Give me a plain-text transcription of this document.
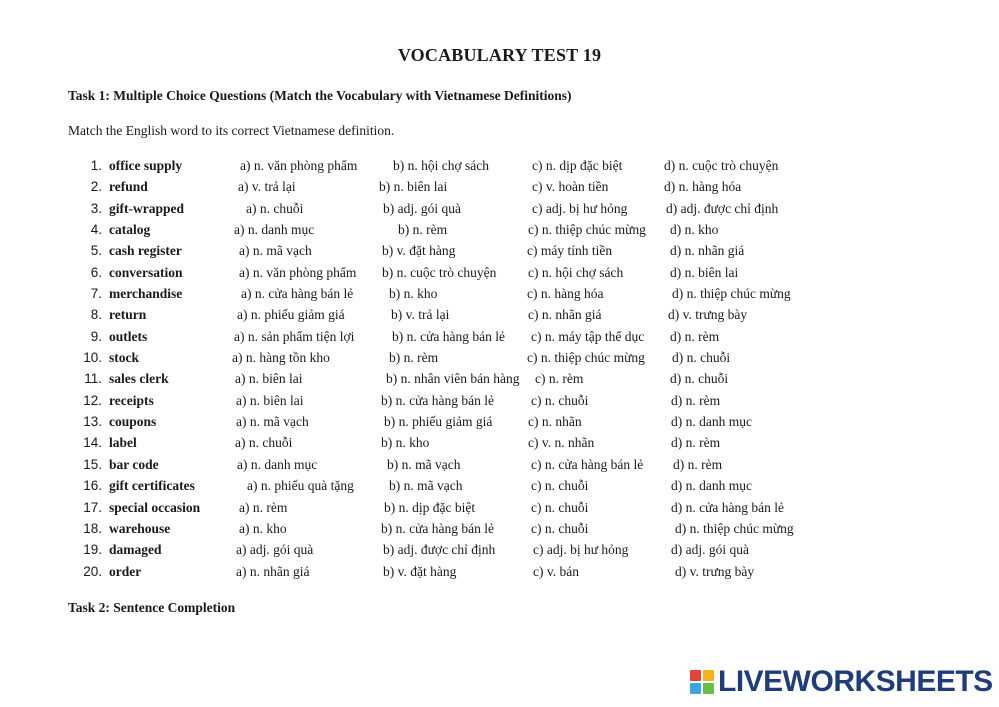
VOCABULARY TEST 19
Task 1: Multiple Choice Questions (Match the Vocabulary with Vietnamese Definitions)
Match the English word to its correct Vietnamese definition.
1. office supply	a) n. văn phòng phẩm	b) n. hội chợ sách	c) n. dịp đặc biệt	d) n. cuộc trò chuyện
2. refund	a) v. trả lại	b) n. biên lai	c) v. hoàn tiền	d) n. hàng hóa
3. gift-wrapped	a) n. chuỗi	b) adj. gói quà	c) adj. bị hư hỏng	d) adj. được chỉ định
4. catalog	a) n. danh mục	b) n. rèm	c) n. thiệp chúc mừng d) n. kho
5. cash register	a) n. mã vạch	b) v. đặt hàng	c) máy tính tiền	d) n. nhãn giá
6. conversation	a) n. văn phòng phẩm b) n. cuộc trò chuyện c) n. hội chợ sách	d) n. biên lai
7. merchandise	a) n. cửa hàng bán lẻ	b) n. kho	c) n. hàng hóa	d) n. thiệp chúc mừng
8. return	a) n. phiếu giảm giá	b) v. trả lại	c) n. nhãn giá	d) v. trưng bày
9. outlets	a) n. sản phẩm tiện lợi	b) n. cửa hàng bán lẻ c) n. máy tập thể dục d) n. rèm
10. stock	a) n. hàng tồn kho	b) n. rèm	c) n. thiệp chúc mừng d) n. chuỗi
11. sales clerk	a) n. biên lai	b) n. nhân viên bán hàng c) n. rèm	d) n. chuỗi
12. receipts	a) n. biên lai	b) n. cửa hàng bán lẻ	c) n. chuỗi	d) n. rèm
13. coupons	a) n. mã vạch	b) n. phiếu giảm giá	c) n. nhãn	d) n. danh mục
14. label	a) n. chuỗi	b) n. kho	c) v. n. nhãn	d) n. rèm
15. bar code	a) n. danh mục	b) n. mã vạch	c) n. cửa hàng bán lẻ d) n. rèm
16. gift certificates	a) n. phiếu quà tặng	b) n. mã vạch	c) n. chuỗi	d) n. danh mục
17. special occasion	a) n. rèm	b) n. dịp đặc biệt	c) n. chuỗi	d) n. cửa hàng bán lẻ
18. warehouse	a) n. kho	b) n. cửa hàng bán lẻ	c) n. chuỗi	d) n. thiệp chúc mừng
19. damaged	a) adj. gói quà	b) adj. được chỉ định	c) adj. bị hư hỏng	d) adj. gói quà
20. order	a) n. nhãn giá	b) v. đặt hàng	c) v. bán	d) v. trưng bày
Task 2: Sentence Completion
LIVEWORKSHEETS
